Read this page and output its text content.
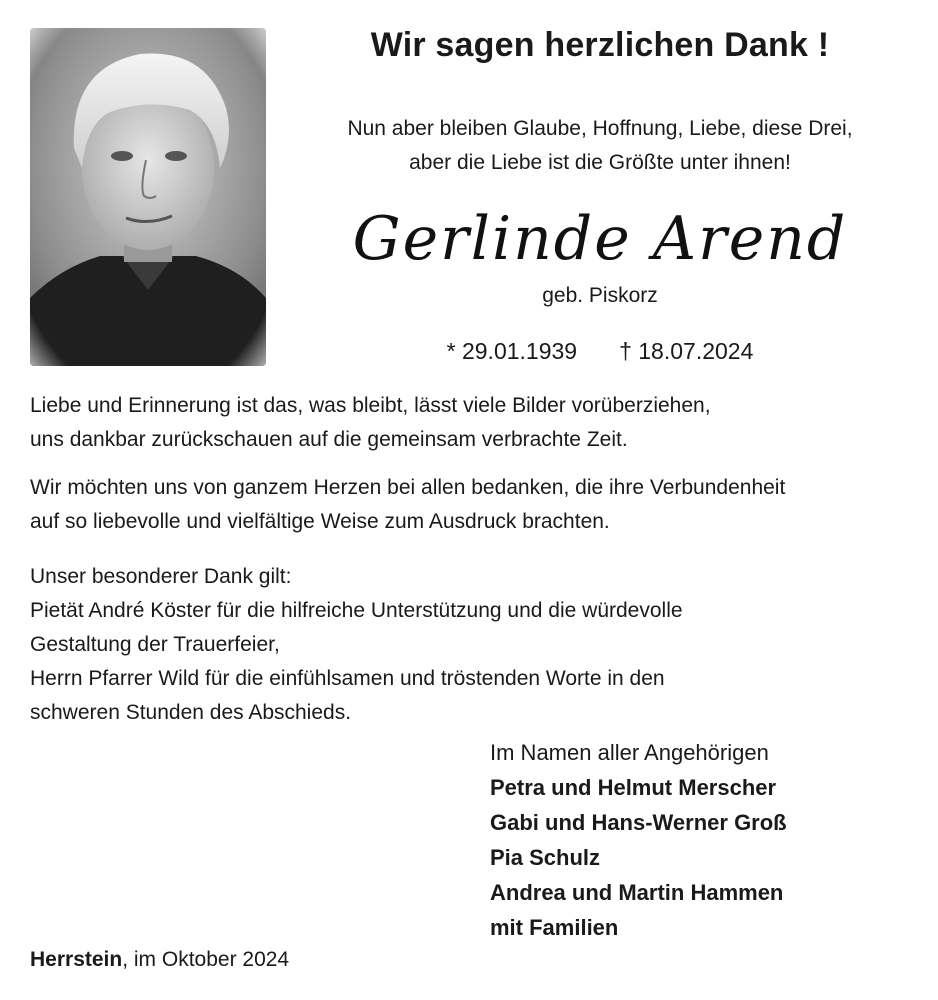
Wir sagen herzlichen Dank !
Nun aber bleiben Glaube, Hoffnung, Liebe, diese Drei,
aber die Liebe ist die Größte unter ihnen!
Gerlinde Arend
geb. Piskorz
* 29.01.1939 † 18.07.2024
Liebe und Erinnerung ist das, was bleibt, lässt viele Bilder vorüberziehen,
uns dankbar zurückschauen auf die gemeinsam verbrachte Zeit.
Wir möchten uns von ganzem Herzen bei allen bedanken, die ihre Verbundenheit
auf so liebevolle und vielfältige Weise zum Ausdruck brachten.
Unser besonderer Dank gilt:
Pietät André Köster für die hilfreiche Unterstützung und die würdevolle
Gestaltung der Trauerfeier,
Herrn Pfarrer Wild für die einfühlsamen und tröstenden Worte in den
schweren Stunden des Abschieds.
Im Namen aller Angehörigen
Petra und Helmut Merscher
Gabi und Hans-Werner Groß
Pia Schulz
Andrea und Martin Hammen
mit Familien
Herrstein, im Oktober 2024
